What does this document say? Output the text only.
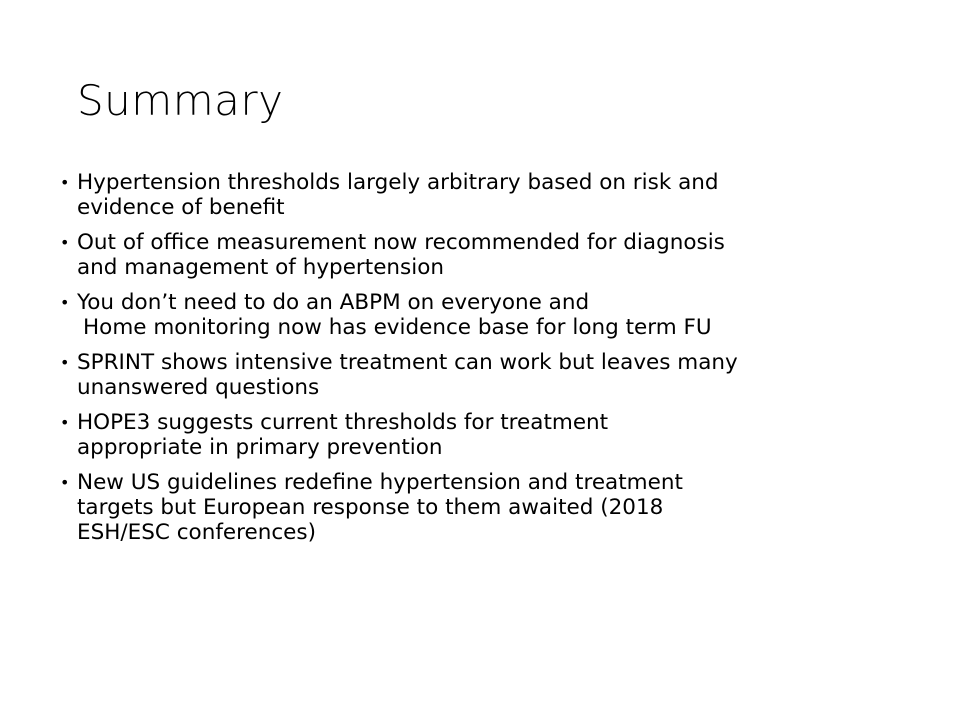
Summary
• Hypertension thresholds largely arbitrary based on risk and
evidence of benefit
• Out of office measurement now recommended for diagnosis
and management of hypertension
• You don’t need to do an ABPM on everyone and
Home monitoring now has evidence base for long term FU
• SPRINT shows intensive treatment can work but leaves many
unanswered questions
• HOPE3 suggests current thresholds for treatment
appropriate in primary prevention
• New US guidelines redefine hypertension and treatment
targets but European response to them awaited (2018
ESH/ESC conferences)
